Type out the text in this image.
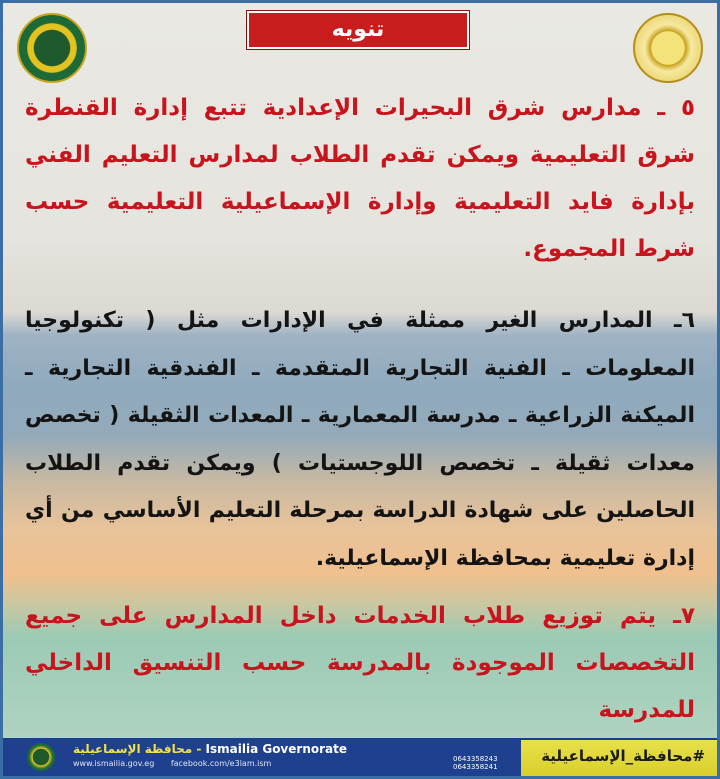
تنويه

٥ ـ مدارس شرق البحيرات الإعدادية تتبع إدارة القنطرة شرق التعليمية ويمكن تقدم الطلاب لمدارس التعليم الفني بإدارة فايد التعليمية وإدارة الإسماعيلية التعليمية حسب شرط المجموع.

٦ـ المدارس الغير ممثلة في الإدارات مثل ( تكنولوجيا المعلومات ـ الفنية التجارية المتقدمة ـ الفندقية التجارية ـ الميكنة الزراعية ـ مدرسة المعمارية ـ المعدات الثقيلة ( تخصص معدات ثقيلة ـ تخصص اللوجستيات ) ويمكن تقدم الطلاب الحاصلين على شهادة الدراسة بمرحلة التعليم الأساسي من أي إدارة تعليمية بمحافظة الإسماعيلية.

٧ـ يتم توزيع طلاب الخدمات داخل المدارس على جميع التخصصات الموجودة بالمدرسة حسب التنسيق الداخلي للمدرسة

محافظة الإسماعيلية - Ismailia Governorate
www.ismailia.gov.eg facebook.com/e3lam.ism	0643358243
0643358241
#محافظة_الإسماعيلية
